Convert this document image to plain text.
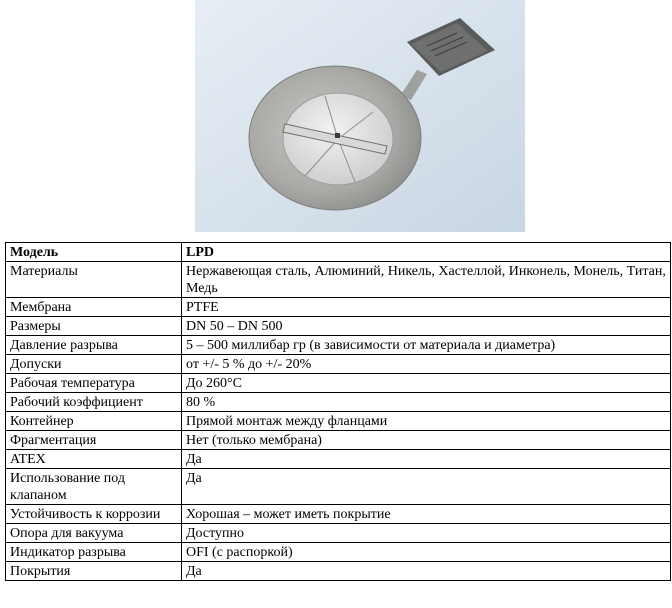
Модель	LPD
Материалы	Нержавеющая сталь, Алюминий, Никель, Хастеллой, Инконель, Монель, Титан, Медь
Мембрана	PTFE
Размеры	DN 50 – DN 500
Давление разрыва	5 – 500 миллибар гр (в зависимости от материала и диаметра)
Допуски	от +/- 5 % до +/- 20%
Рабочая температура	До 260°C
Рабочий коэффициент	80 %
Контейнер	Прямой монтаж между фланцами
Фрагментация	Нет (только мембрана)
ATEX	Да
Использование под клапаном	Да
Устойчивость к коррозии	Хорошая – может иметь покрытие
Опора для вакуума	Доступно
Индикатор разрыва	OFI (с распоркой)
Покрытия	Да
